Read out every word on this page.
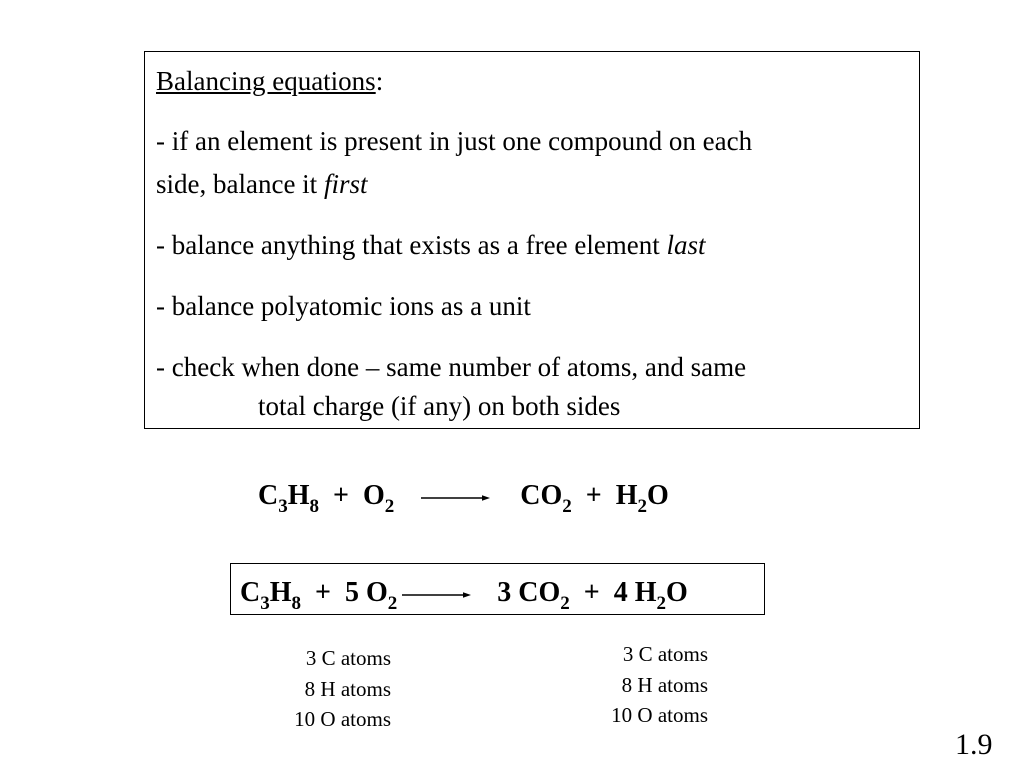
Balancing equations:

- if an element is present in just one compound on each
side, balance it first

- balance anything that exists as a free element last

- balance polyatomic ions as a unit

- check when done – same number of atoms, and same
total charge (if any) on both sides

$C_3H_8 + O_2 \to CO_2 + H_2O$
$C_3H_8 + 5$ $O_2$	3 $CO_2 + 4$ $H_2O$
3 C atoms
8 H atoms
10 O atoms
3 C atoms
8 H atoms
10 O atoms
1.9
